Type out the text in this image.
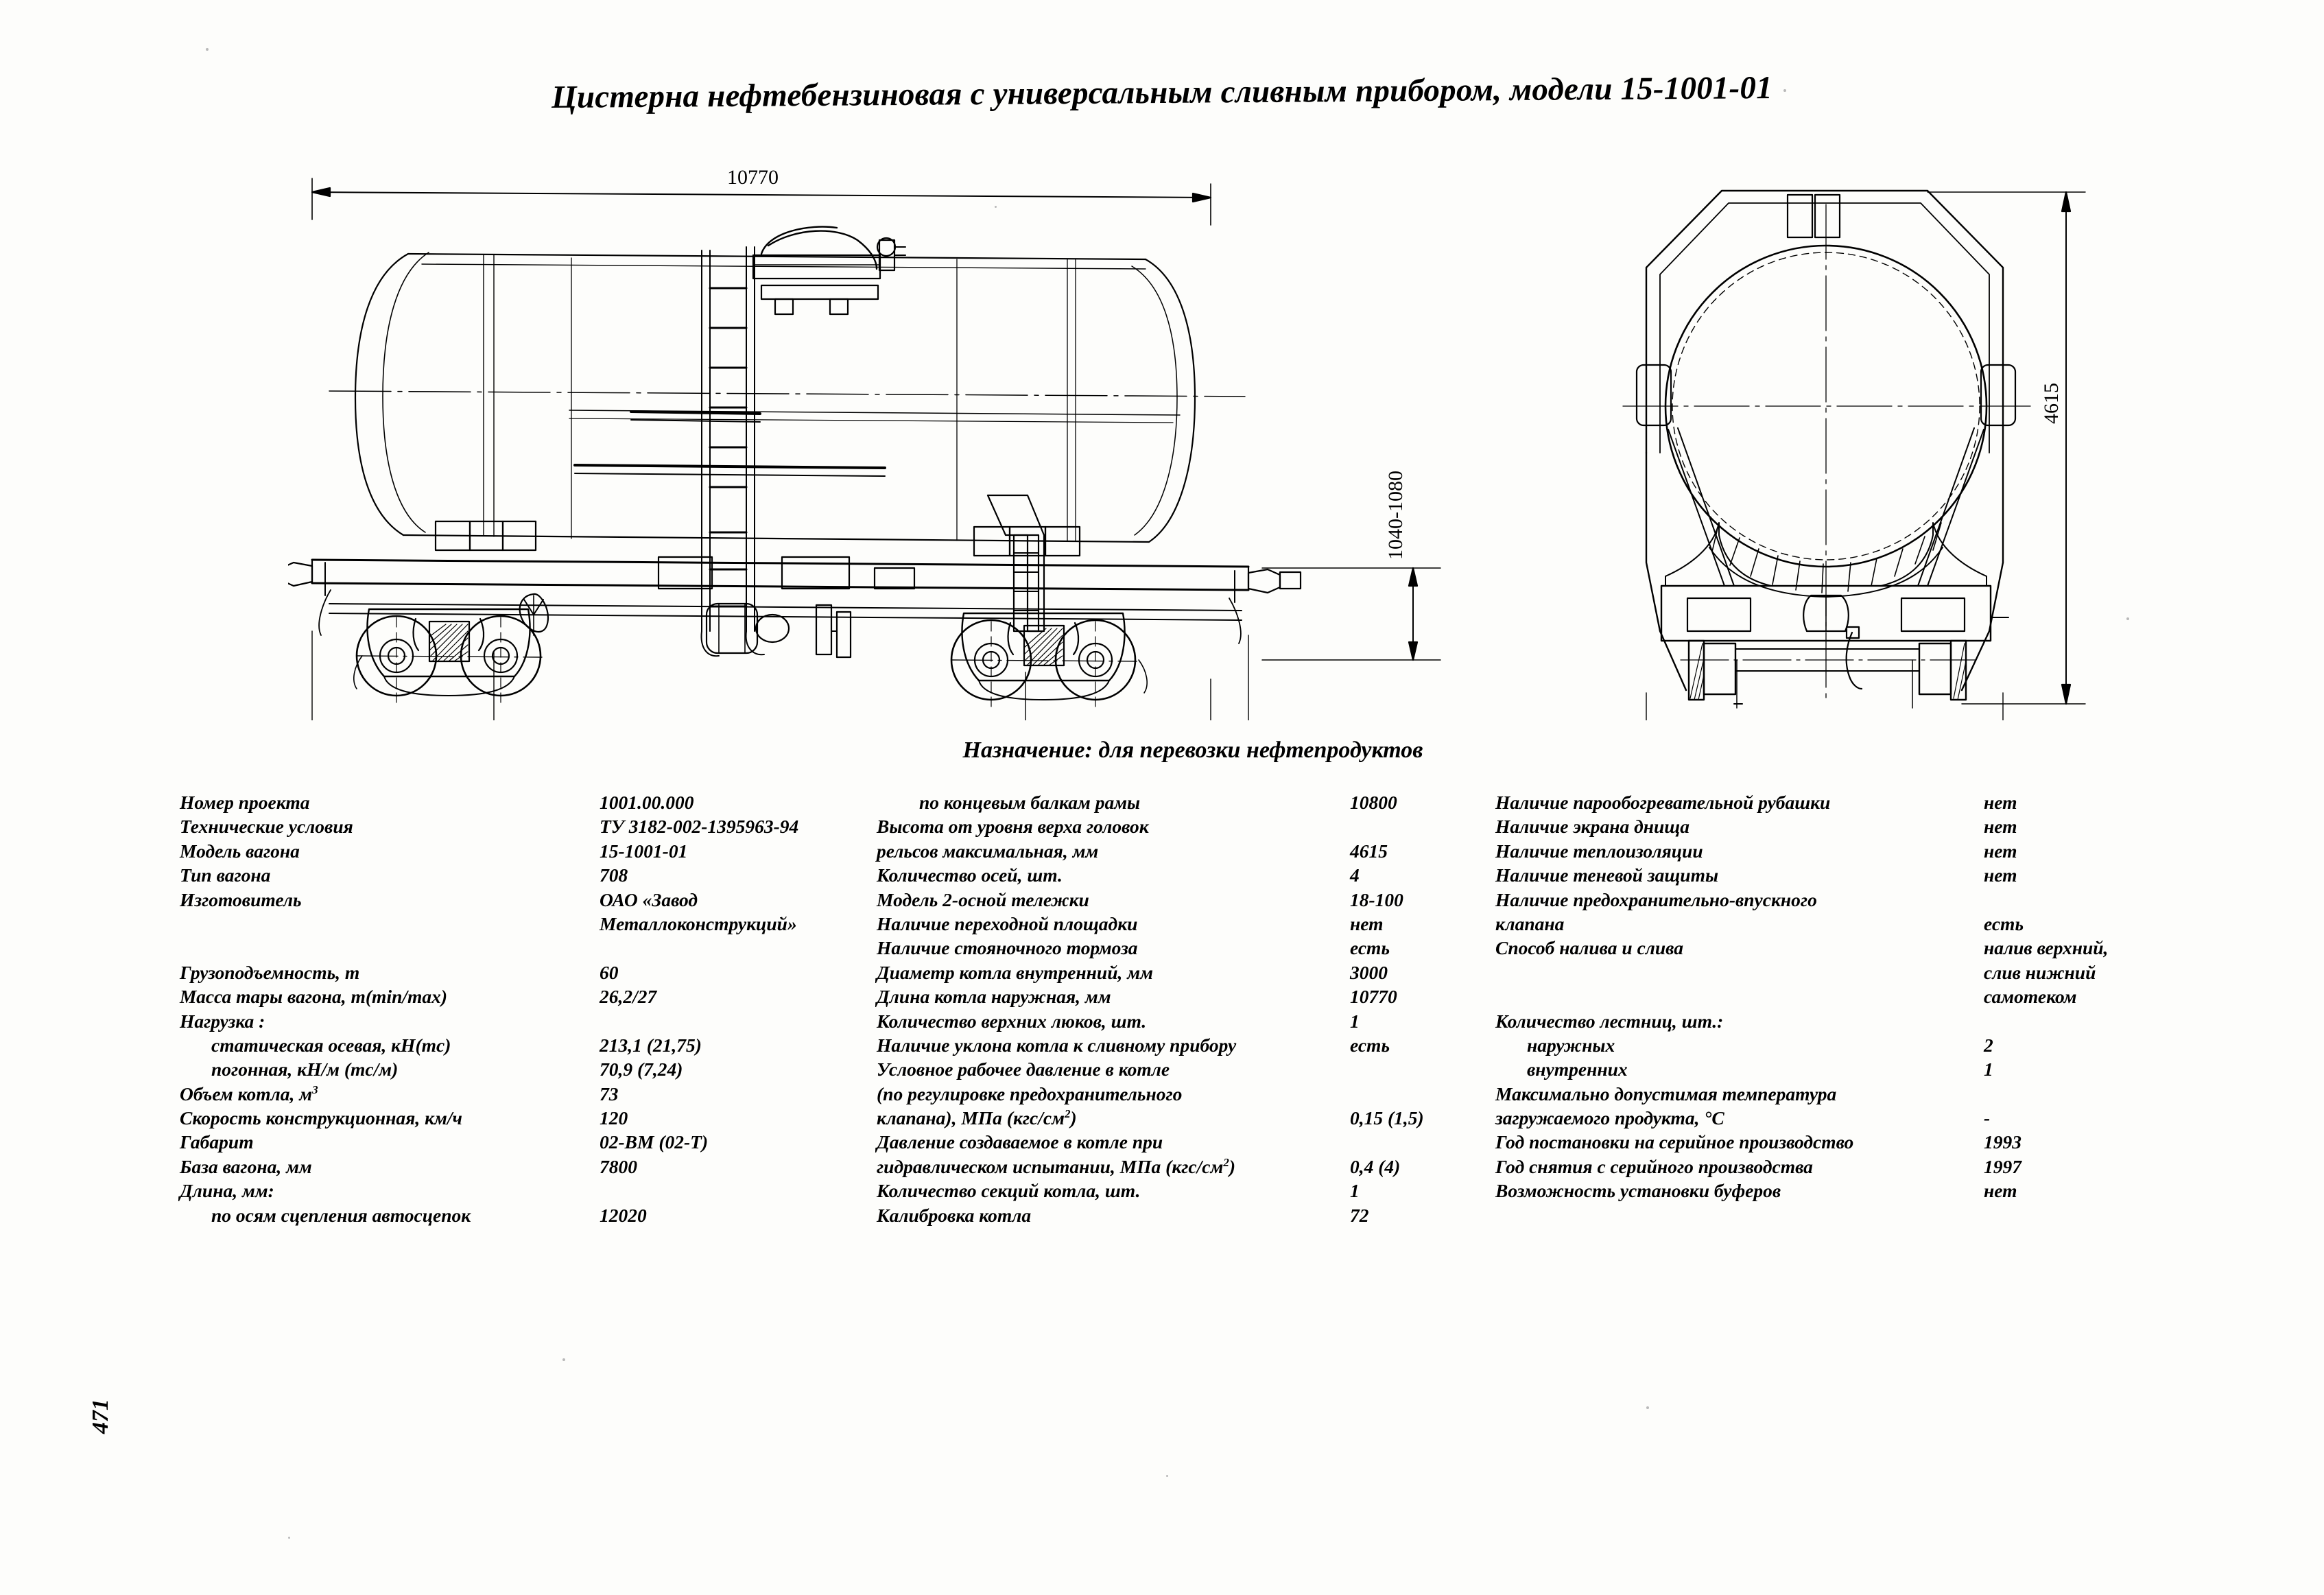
Цистерна нефтебензиновая с универсальным сливным прибором, модели 15-1001-01
10770
1040-1080
4615
Назначение: для перевозки нефтепродуктов
Номер проекта	1001.00.000
Технические условия	ТУ 3182-002-1395963-94
Модель вагона	15-1001-01
Тип вагона	708
Изготовитель	ОАО «Завод
Металлоконструкций»
Грузоподъемность, т	60
Масса тары вагона, т(min/max)	26,2/27
Нагрузка :
статическая осевая, кН(тс)	213,1 (21,75)
погонная, кН/м (тс/м)	70,9 (7,24)
Объем котла, $м^3$	73
Скорость конструкционная, км/ч	120
Габарит	02-ВМ (02-Т)
База вагона, мм	7800
Длина, мм:
по осям сцепления автосцепок	12020
по концевым балкам рамы	10800
Высота от уровня верха головок
рельсов максимальная, мм	4615
Количество осей, шт.	4
Модель 2-осной тележки	18-100
Наличие переходной площадки	нет
Наличие стояночного тормоза	есть
Диаметр котла внутренний, мм	3000
Длина котла наружная, мм	10770
Количество верхних люков, шт.	1
Наличие уклона котла к сливному прибору	есть
Условное рабочее давление в котле
(по регулировке предохранительного
клапана), МПа $(кгс/см^2)$	0,15 (1,5)
Давление создаваемое в котле при
гидравлическом испытании, МПа $(кгс/см^2)$	0,4 (4)
Количество секций котла, шт.	1
Калибровка котла	72
Наличие парообогревательной рубашки	нет
Наличие экрана днища	нет
Наличие теплоизоляции	нет
Наличие теневой защиты	нет
Наличие предохранительно-впускного
клапана	есть
Способ налива и слива	налив верхний,
слив нижний
самотеком
Количество лестниц, шт.:
наружных	2
внутренних	1
Максимально допустимая температура
загружаемого продукта, °С	-
Год постановки на серийное производство	1993
Год снятия с серийного производства	1997
Возможность установки буферов	нет
471
